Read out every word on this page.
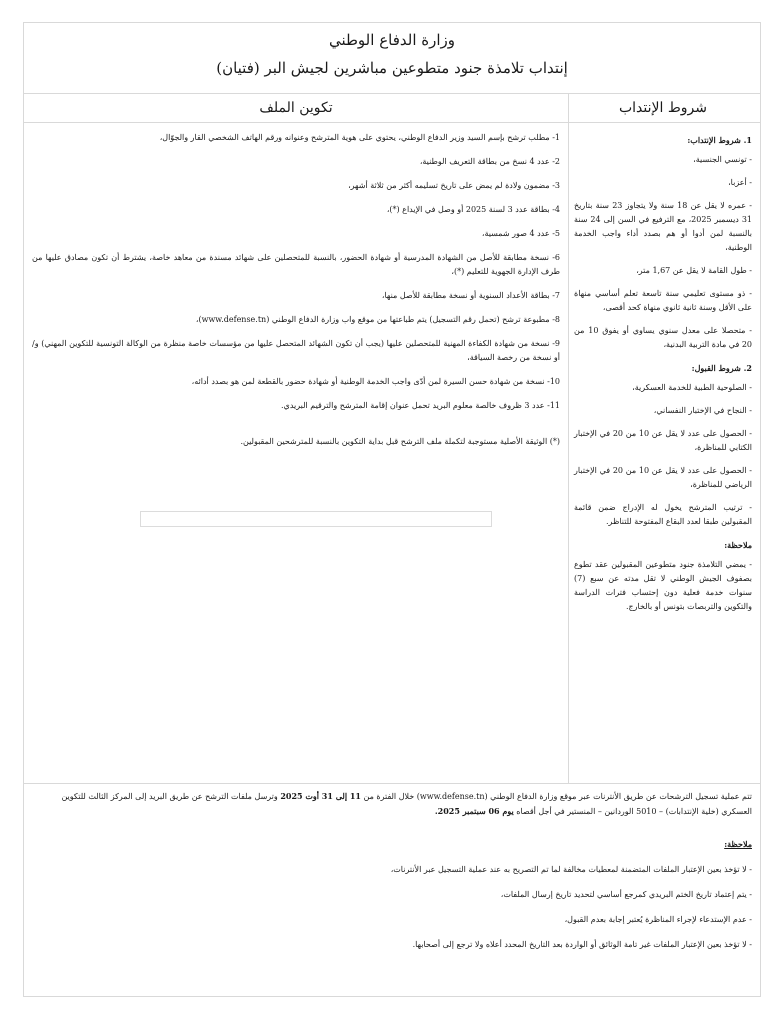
وزارة الدفاع الوطني
إنتداب تلامذة جنود متطوعين مباشرين لجيش البر (فتيان)
شروط الإنتداب
تكوين الملف
1. شروط الإنتداب:
- تونسي الجنسية،
- أعزبا،
- عمره لا يقل عن 18 سنة ولا يتجاوز 23 سنة بتاريخ 31 ديسمبر 2025، مع الترفيع في السن إلى 24 سنة بالنسبة لمن أدوا أو هم بصدد أداء واجب الخدمة الوطنية،
- طول القامة لا يقل عن 1,67 متر،
- ذو مستوى تعليمي سنة تاسعة تعلم أساسي منهاة على الأقل وسنة ثانية ثانوي منهاة كحد أقصى،
- متحصلا على معدل سنوي يساوي أو يفوق 10 من 20 في مادة التربية البدنية،
2. شروط القبول:
- الصلوحية الطبية للخدمة العسكرية،
- النجاح في الإختبار النفساني،
- الحصول على عدد لا يقل عن 10 من 20 في الإختبار الكتابي للمناظرة،
- الحصول على عدد لا يقل عن 10 من 20 في الإختبار الرياضي للمناظرة،
- ترتيب المترشح يخول له الإدراج ضمن قائمة المقبولين طبقا لعدد البقاع المفتوحة للتناظر.
ملاحظة:
- يمضي التلامذة جنود متطوعين المقبولين عقد تطوع بصفوف الجيش الوطني لا تقل مدته عن سبع (7) سنوات خدمة فعلية دون إحتساب فترات الدراسة والتكوين والتربصات بتونس أو بالخارج.
1- مطلب ترشح بإسم السيد وزير الدفاع الوطني، يحتوي على هوية المترشح وعنوانه ورقم الهاتف الشخصي القار والجوّال،
2- عدد 4 نسخ من بطاقة التعريف الوطنية،
3- مضمون ولادة لم يمض على تاريخ تسليمه أكثر من ثلاثة أشهر،
4- بطاقة عدد 3 لسنة 2025 أو وصل في الإيداع (*)،
5- عدد 4 صور شمسية،
6- نسخة مطابقة للأصل من الشهادة المدرسية أو شهادة الحضور، بالنسبة للمتحصلين على شهائد مسندة من معاهد خاصة، يشترط أن تكون مصادق عليها من طرف الإدارة الجهوية للتعليم (*)،
7- بطاقة الأعداد السنوية أو نسخة مطابقة للأصل منها،
8- مطبوعة ترشح (تحمل رقم التسجيل) يتم طباعتها من موقع واب وزارة الدفاع الوطني (www.defense.tn)،
9- نسخة من شهادة الكفاءة المهنية للمتحصلين عليها (يجب أن تكون الشهائد المتحصل عليها من مؤسسات خاصة منظرة من الوكالة التونسية للتكوين المهني) و/أو نسخة من رخصة السياقة،
10- نسخة من شهادة حسن السيرة لمن أدّى واجب الخدمة الوطنية أو شهادة حضور بالقطعة لمن هو بصدد أدائه،
11- عدد 3 ظروف خالصة معلوم البريد تحمل عنوان إقامة المترشح والترقيم البريدي.
(*) الوثيقة الأصلية مستوجبة لتكملة ملف الترشح قبل بداية التكوين بالنسبة للمترشحين المقبولين.
تتم عملية تسجيل الترشحات عن طريق الأنترنات عبر موقع وزارة الدفاع الوطني (www.defense.tn) خلال الفترة من 11 إلى 31 أوت 2025 وترسل ملفات الترشح عن طريق البريد إلى المركز الثالث للتكوين العسكري (خلية الإنتدابات) – 5010 الوردانين – المنستير في أجل أقصاه يوم 06 سبتمبر 2025.
ملاحظة:
- لا تؤخذ بعين الإعتبار الملفات المتضمنة لمعطيات مخالفة لما تم التصريح به عند عملية التسجيل عبر الأنترنات،
- يتم إعتماد تاريخ الختم البريدي كمرجع أساسي لتحديد تاريخ إرسال الملفات،
- عدم الإستدعاء لإجراء المناظرة يُعتبر إجابة بعدم القبول،
- لا تؤخذ بعين الإعتبار الملفات غير تامة الوثائق أو الواردة بعد التاريخ المحدد أعلاه ولا ترجع إلى أصحابها.
